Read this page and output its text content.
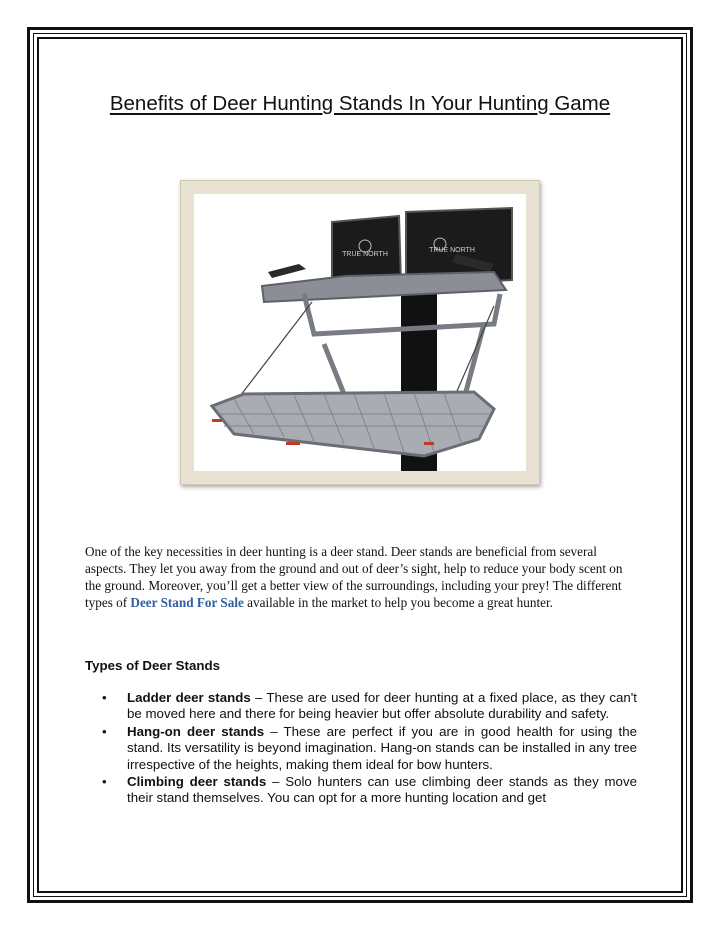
Benefits of Deer Hunting Stands In Your Hunting Game
TRUE NORTH
TRUE NORTH

One of the key necessities in deer hunting is a deer stand. Deer stands are beneficial from several aspects. They let you away from the ground and out of deer’s sight, help to reduce your body scent on the ground. Moreover, you’ll get a better view of the surroundings, including your prey! The different types of Deer Stand For Sale available in the market to help you become a great hunter.

Types of Deer Stands
• Ladder deer stands – These are used for deer hunting at a fixed place, as they can't be moved here and there for being heavier but offer absolute durability and safety.
• Hang-on deer stands – These are perfect if you are in good health for using the stand. Its versatility is beyond imagination. Hang-on stands can be installed in any tree irrespective of the heights, making them ideal for bow hunters.
• Climbing deer stands – Solo hunters can use climbing deer stands as they move their stand themselves. You can opt for a more hunting location and get
